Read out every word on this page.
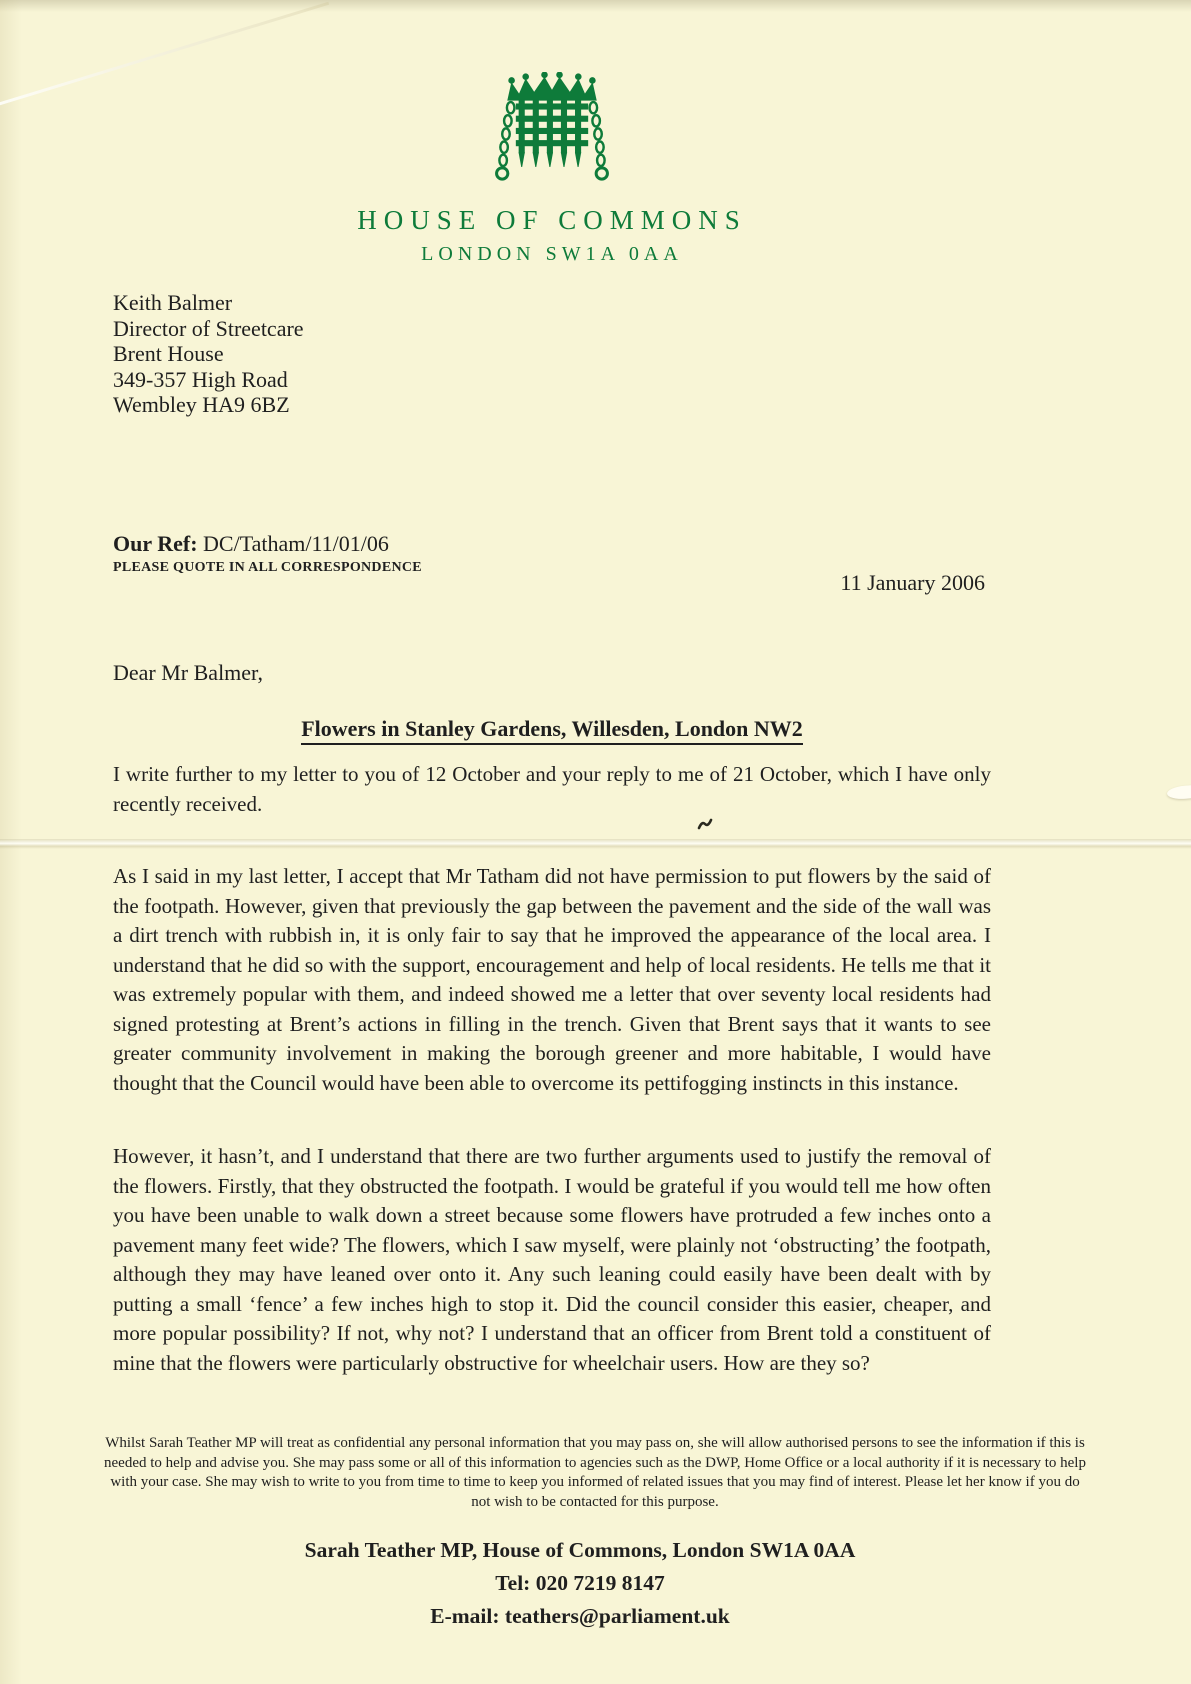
HOUSE OF COMMONS
LONDON SW1A 0AA
Keith Balmer
Director of Streetcare
Brent House
349-357 High Road
Wembley HA9 6BZ
Our Ref: DC/Tatham/11/01/06
PLEASE QUOTE IN ALL CORRESPONDENCE
11 January 2006
Dear Mr Balmer,
Flowers in Stanley Gardens, Willesden, London NW2
I write further to my letter to you of 12 October and your reply to me of 21 October, which I have only recently received.
As I said in my last letter, I accept that Mr Tatham did not have permission to put flowers by the said of the footpath. However, given that previously the gap between the pavement and the side of the wall was a dirt trench with rubbish in, it is only fair to say that he improved the appearance of the local area. I understand that he did so with the support, encouragement and help of local residents. He tells me that it was extremely popular with them, and indeed showed me a letter that over seventy local residents had signed protesting at Brent’s actions in filling in the trench. Given that Brent says that it wants to see greater community involvement in making the borough greener and more habitable, I would have thought that the Council would have been able to overcome its pettifogging instincts in this instance.
However, it hasn’t, and I understand that there are two further arguments used to justify the removal of the flowers. Firstly, that they obstructed the footpath. I would be grateful if you would tell me how often you have been unable to walk down a street because some flowers have protruded a few inches onto a pavement many feet wide? The flowers, which I saw myself, were plainly not ‘obstructing’ the footpath, although they may have leaned over onto it. Any such leaning could easily have been dealt with by putting a small ‘fence’ a few inches high to stop it. Did the council consider this easier, cheaper, and more popular possibility? If not, why not? I understand that an officer from Brent told a constituent of mine that the flowers were particularly obstructive for wheelchair users. How are they so?
Whilst Sarah Teather MP will treat as confidential any personal information that you may pass on, she will allow authorised persons to see the information if this is needed to help and advise you. She may pass some or all of this information to agencies such as the DWP, Home Office or a local authority if it is necessary to help with your case. She may wish to write to you from time to time to keep you informed of related issues that you may find of interest. Please let her know if you do not wish to be contacted for this purpose.
Sarah Teather MP, House of Commons, London SW1A 0AA
Tel: 020 7219 8147
E-mail: teathers@parliament.uk
